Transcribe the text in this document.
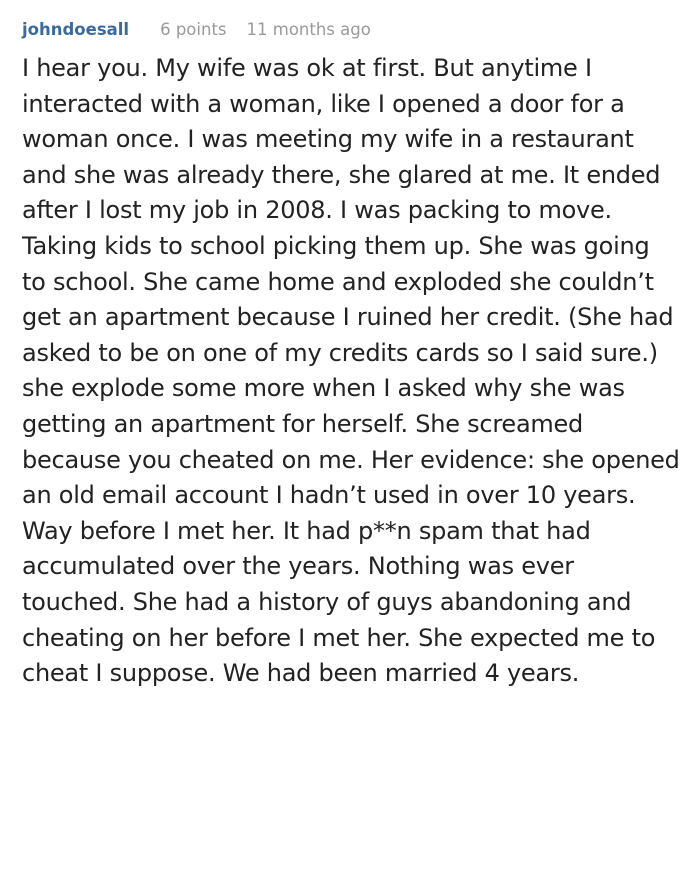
johndoesall 6 points 11 months ago

I hear you. My wife was ok at first. But anytime I interacted with a woman, like I opened a door for a woman once. I was meeting my wife in a restaurant and she was already there, she glared at me. It ended after I lost my job in 2008. I was packing to move. Taking kids to school picking them up. She was going to school. She came home and exploded she couldn’t get an apartment because I ruined her credit. (She had asked to be on one of my credits cards so I said sure.) she explode some more when I asked why she was getting an apartment for herself. She screamed because you cheated on me. Her evidence: she opened an old email account I hadn’t used in over 10 years. Way before I met her. It had p**n spam that had accumulated over the years. Nothing was ever touched. She had a history of guys abandoning and cheating on her before I met her. She expected me to cheat I suppose. We had been married 4 years.
